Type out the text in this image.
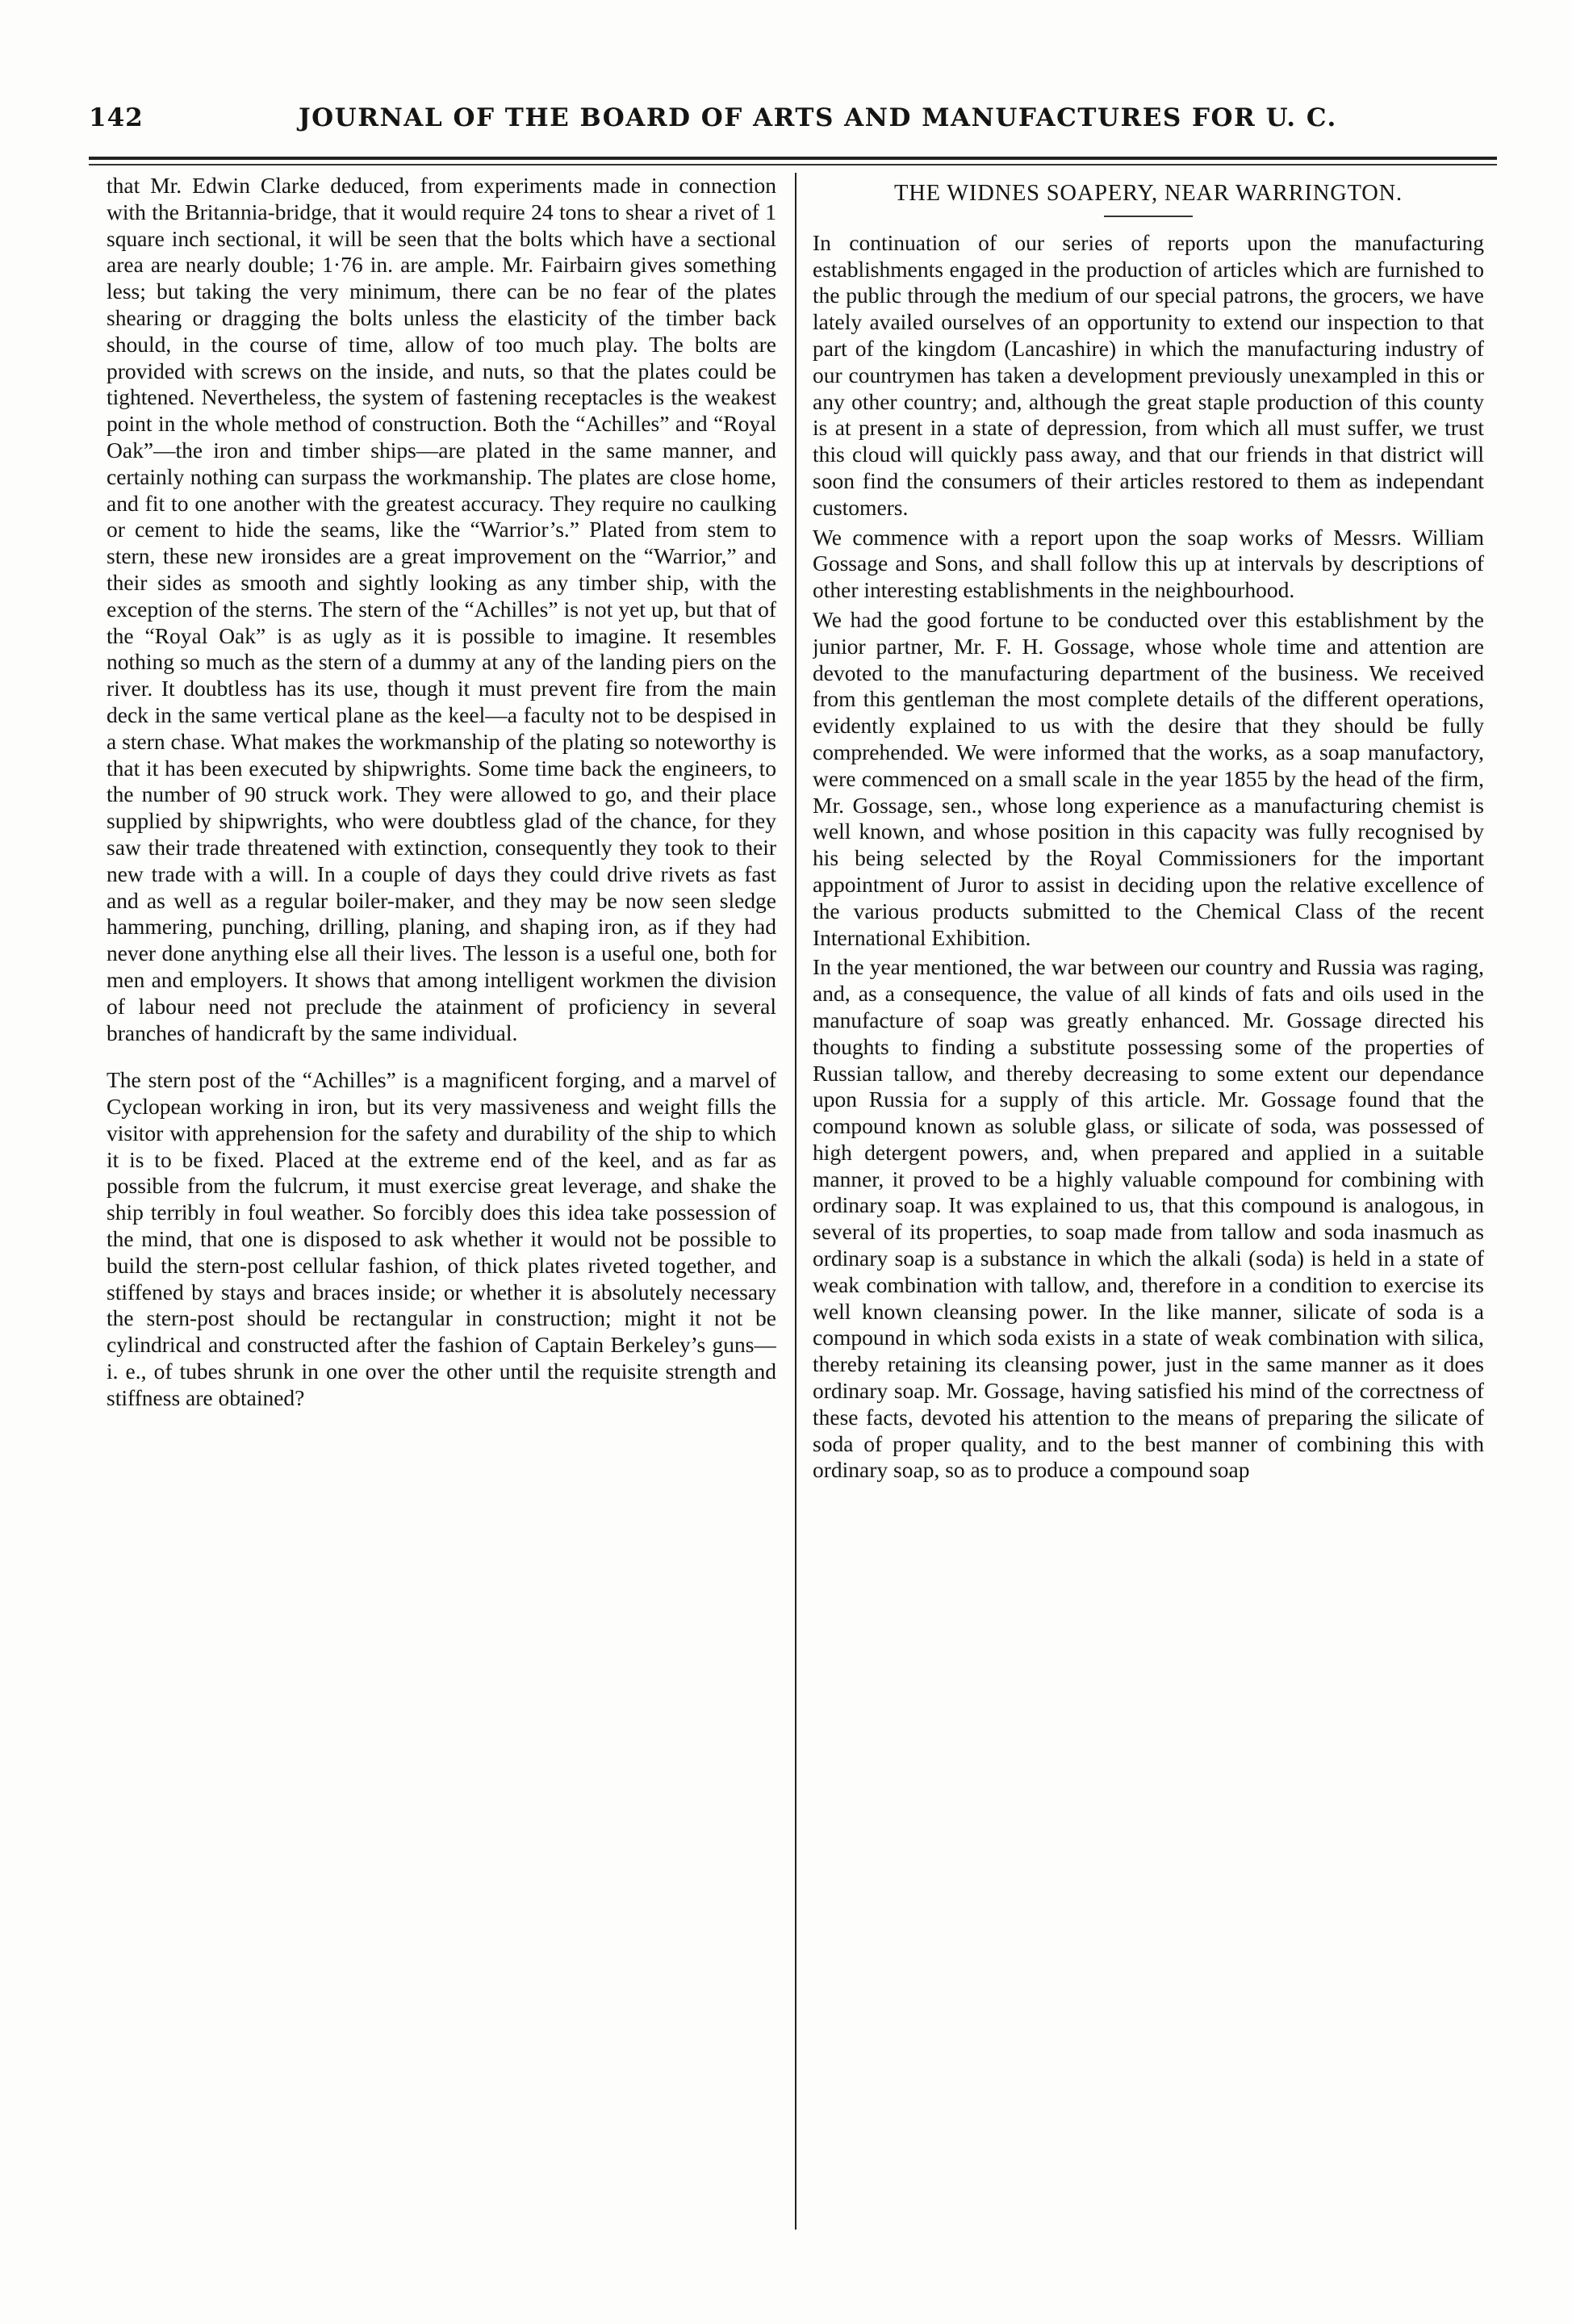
142	JOURNAL OF THE BOARD OF ARTS AND MANUFACTURES FOR U. C.

that Mr. Edwin Clarke deduced, from experiments made in connection with the Britannia-bridge, that it would require 24 tons to shear a rivet of 1 square inch sectional, it will be seen that the bolts which have a sectional area are nearly double; 1·76 in. are ample. Mr. Fairbairn gives something less; but taking the very minimum, there can be no fear of the plates shearing or dragging the bolts unless the elasticity of the timber back should, in the course of time, allow of too much play. The bolts are provided with screws on the inside, and nuts, so that the plates could be tightened. Nevertheless, the system of fastening receptacles is the weakest point in the whole method of construction. Both the “Achilles” and “Royal Oak”—the iron and timber ships—are plated in the same manner, and certainly nothing can surpass the workmanship. The plates are close home, and fit to one another with the greatest accuracy. They require no caulking or cement to hide the seams, like the “Warrior’s.” Plated from stem to stern, these new ironsides are a great improvement on the “Warrior,” and their sides as smooth and sightly looking as any timber ship, with the exception of the sterns. The stern of the “Achilles” is not yet up, but that of the “Royal Oak” is as ugly as it is possible to imagine. It resembles nothing so much as the stern of a dummy at any of the landing piers on the river. It doubtless has its use, though it must prevent fire from the main deck in the same vertical plane as the keel—a faculty not to be despised in a stern chase. What makes the workmanship of the plating so noteworthy is that it has been executed by shipwrights. Some time back the engineers, to the number of 90 struck work. They were allowed to go, and their place supplied by shipwrights, who were doubtless glad of the chance, for they saw their trade threatened with extinction, consequently they took to their new trade with a will. In a couple of days they could drive rivets as fast and as well as a regular boiler-maker, and they may be now seen sledge hammering, punching, drilling, planing, and shaping iron, as if they had never done anything else all their lives. The lesson is a useful one, both for men and employers. It shows that among intelligent workmen the division of labour need not preclude the atainment of proficiency in several branches of handicraft by the same individual.

The stern post of the “Achilles” is a magnificent forging, and a marvel of Cyclopean working in iron, but its very massiveness and weight fills the visitor with apprehension for the safety and durability of the ship to which it is to be fixed. Placed at the extreme end of the keel, and as far as possible from the fulcrum, it must exercise great leverage, and shake the ship terribly in foul weather. So forcibly does this idea take possession of the mind, that one is disposed to ask whether it would not be possible to build the stern-post cellular fashion, of thick plates riveted together, and stiffened by stays and braces inside; or whether it is absolutely necessary the stern-post should be rectangular in construction; might it not be cylindrical and constructed after the fashion of Captain Berkeley’s guns—i. e., of tubes shrunk in one over the other until the requisite strength and stiffness are obtained?

THE WIDNES SOAPERY, NEAR WARRINGTON.

In continuation of our series of reports upon the manufacturing establishments engaged in the production of articles which are furnished to the public through the medium of our special patrons, the grocers, we have lately availed ourselves of an opportunity to extend our inspection to that part of the kingdom (Lancashire) in which the manufacturing industry of our countrymen has taken a development previously unexampled in this or any other country; and, although the great staple production of this county is at present in a state of depression, from which all must suffer, we trust this cloud will quickly pass away, and that our friends in that district will soon find the consumers of their articles restored to them as independant customers.

We commence with a report upon the soap works of Messrs. William Gossage and Sons, and shall follow this up at intervals by descriptions of other interesting establishments in the neighbourhood.

We had the good fortune to be conducted over this establishment by the junior partner, Mr. F. H. Gossage, whose whole time and attention are devoted to the manufacturing department of the business. We received from this gentleman the most complete details of the different operations, evidently explained to us with the desire that they should be fully comprehended. We were informed that the works, as a soap manufactory, were commenced on a small scale in the year 1855 by the head of the firm, Mr. Gossage, sen., whose long experience as a manufacturing chemist is well known, and whose position in this capacity was fully recognised by his being selected by the Royal Commissioners for the important appointment of Juror to assist in deciding upon the relative excellence of the various products submitted to the Chemical Class of the recent International Exhibition.

In the year mentioned, the war between our country and Russia was raging, and, as a consequence, the value of all kinds of fats and oils used in the manufacture of soap was greatly enhanced. Mr. Gossage directed his thoughts to finding a substitute possessing some of the properties of Russian tallow, and thereby decreasing to some extent our dependance upon Russia for a supply of this article. Mr. Gossage found that the compound known as soluble glass, or silicate of soda, was possessed of high detergent powers, and, when prepared and applied in a suitable manner, it proved to be a highly valuable compound for combining with ordinary soap. It was explained to us, that this compound is analogous, in several of its properties, to soap made from tallow and soda inasmuch as ordinary soap is a substance in which the alkali (soda) is held in a state of weak combination with tallow, and, therefore in a condition to exercise its well known cleansing power. In the like manner, silicate of soda is a compound in which soda exists in a state of weak combination with silica, thereby retaining its cleansing power, just in the same manner as it does ordinary soap. Mr. Gossage, having satisfied his mind of the correctness of these facts, devoted his attention to the means of preparing the silicate of soda of proper quality, and to the best manner of combining this with ordinary soap, so as to produce a compound soap
